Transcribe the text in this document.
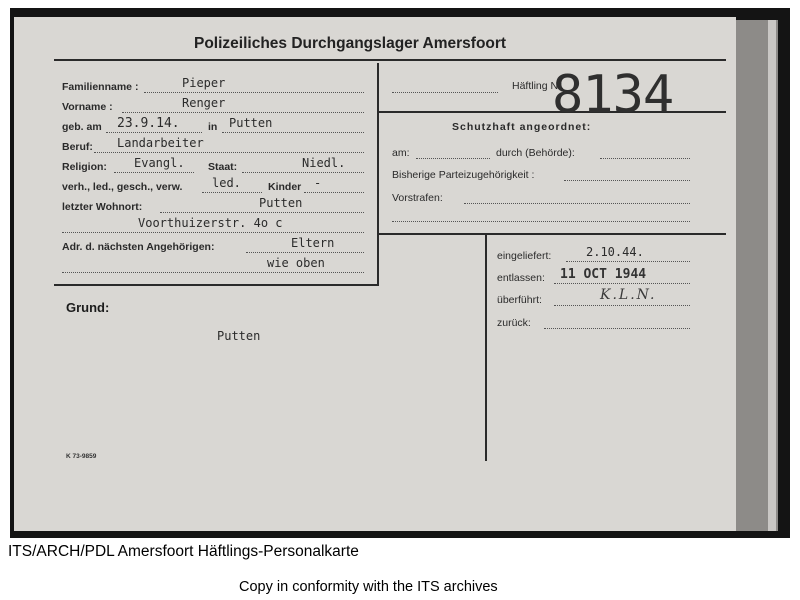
Polizeiliches Durchgangslager Amersfoort
Familienname :	Pieper
Vorname :	Renger
geb. am 23.9.14.	in Putten
Beruf: Landarbeiter
Religion: Evangl. Staat:	Niedl.
verh., led., gesch., verw. led.	Kinder -
letzter Wohnort:	Putten
Voorthuizerstr. 4o c
Adr. d. nächsten Angehörigen:	Eltern
wie oben
Häftling Nr.
8134
Schutzhaft angeordnet:
am:	durch (Behörde):
Bisherige Parteizugehörigkeit :
Vorstrafen:
eingeliefert:	2.10.44.
entlassen: 11 OCT 1944
überführt:	K.L.N.
zurück:
Grund:
Putten
K 73-9859
ITS/ARCH/PDL Amersfoort Häftlings-Personalkarte
Copy in conformity with the ITS archives
